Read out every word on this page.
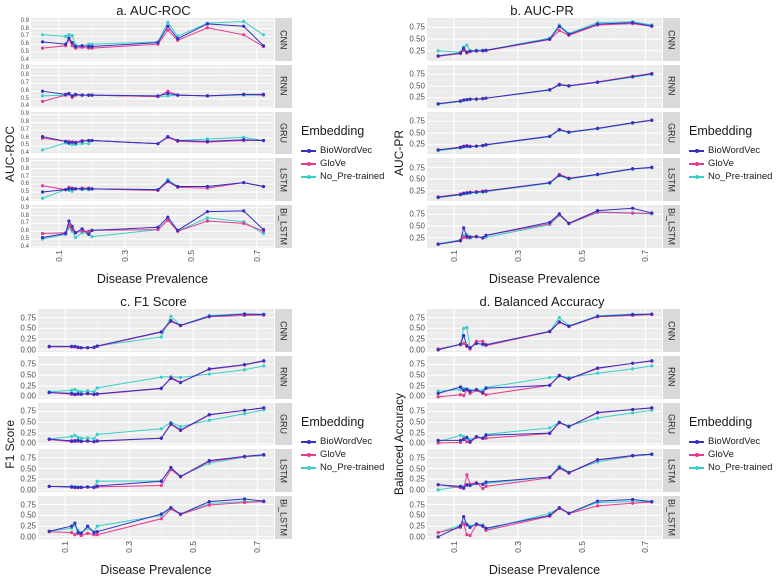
a. AUC-ROC
AUC-ROC
0.9
0.8
0.7
0.6
0.5
0.4
CNN
0.9
0.8
0.7
0.6
0.5
0.4
RNN
0.9
0.8
0.7
0.6
0.5
0.4
GRU
0.9
0.8
0.7
0.6
0.5
0.4
LSTM
0.9
0.8
0.7
0.6
0.5
0.4
Bi_LSTM
0.1	0.3	0.5	0.7
Disease Prevalence
Embedding
BioWordVec
GloVe
No_Pre-trained
b. AUC-PR
AUC-PR
0.75
0.50
0.25
CNN
0.75
0.50
0.25
RNN
0.75
0.50
0.25
GRU
0.75
0.50
0.25	LSTM
0.75
0.50
0.25	Bi_LSTM
0.1	0.3	0.5	0.7
Disease Prevalence
Embedding
BioWordVec
GloVe
No_Pre-trained
c. F1 Score
F1 Score
0.75
0.50
0.25
0.00
CNN
0.75
0.50
0.25
0.00
RNN
0.75
0.50
0.25
0.00
GRU
0.75
0.50
0.25
0.00
LSTM
0.75
0.50
0.25
0.00
Bi_LSTM
0.1	0.3	0.5	0.7
Disease Prevalence
Embedding
BioWordVec
GloVe
No_Pre-trained
d. Balanced Accuracy
Balanced Accuracy
0.75
0.50
0.25
0.00
CNN
0.75
0.50
0.25
0.00
RNN
0.75
0.50
0.25
0.00
GRU
0.75
0.50
0.25
0.00
LSTM
0.75
0.50
0.25
0.00
Bi_LSTM
0.1	0.3	0.5	0.7
Disease Prevalence
Embedding
BioWordVec
GloVe
No_Pre-trained
